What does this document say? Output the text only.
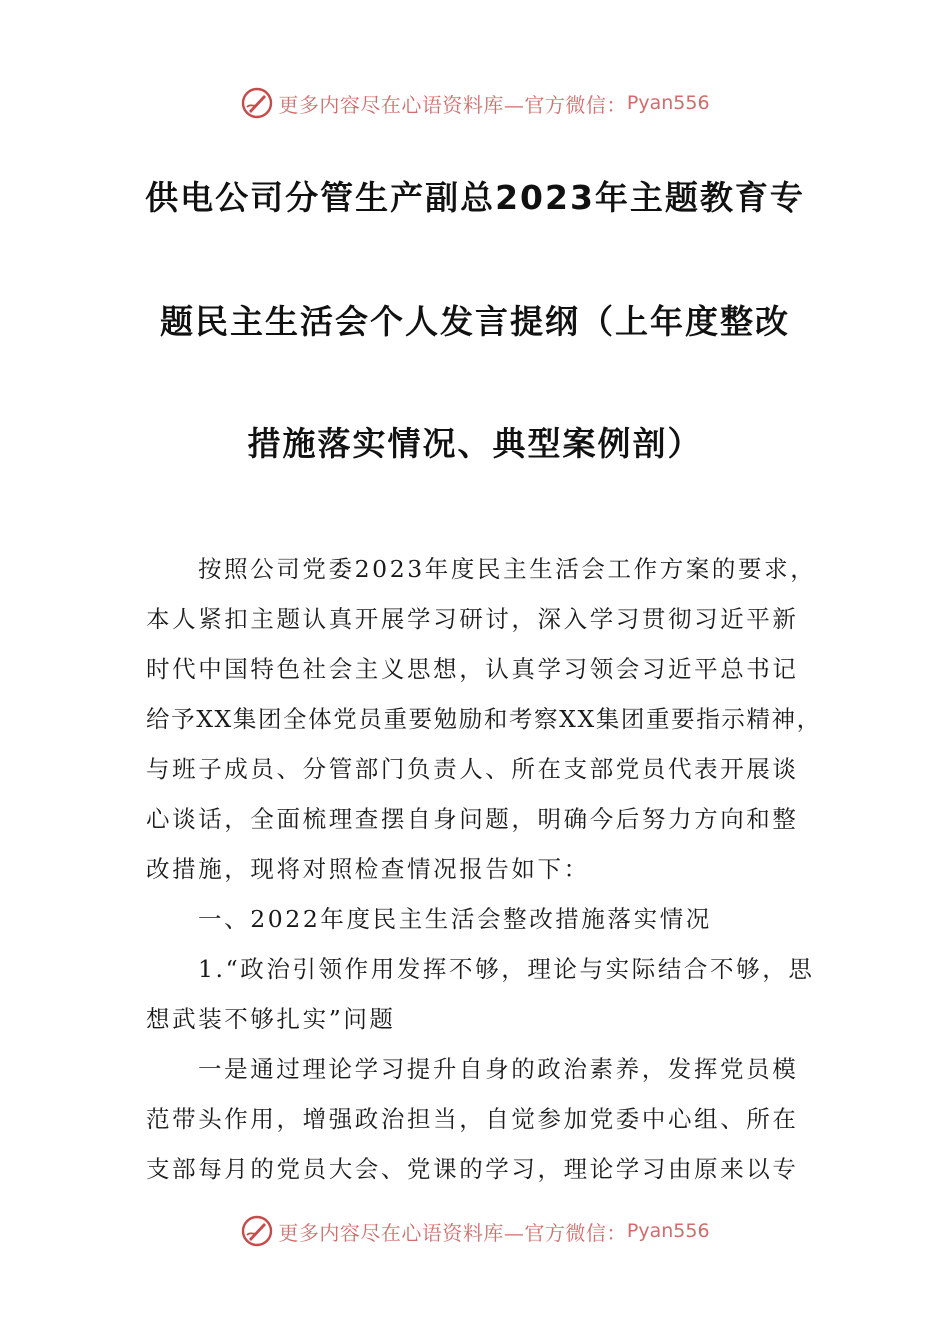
更多内容尽在心语资料库—官方微信： Pyan556
供电公司分管生产副总2023年主题教育专
题民主生活会个人发言提纲（上年度整改
措施落实情况、典型案例剖）

按照公司党委2023年度民主生活会工作方案的要求，

本人紧扣主题认真开展学习研讨，深入学习贯彻习近平新

时代中国特色社会主义思想，认真学习领会习近平总书记

给予XX集团全体党员重要勉励和考察XX集团重要指示精神，

与班子成员、分管部门负责人、所在支部党员代表开展谈

心谈话，全面梳理查摆自身问题，明确今后努力方向和整

改措施，现将对照检查情况报告如下：

一、2022年度民主生活会整改措施落实情况

1.“政治引领作用发挥不够，理论与实际结合不够，思

想武装不够扎实”问题

一是通过理论学习提升自身的政治素养，发挥党员模

范带头作用，增强政治担当，自觉参加党委中心组、所在

支部每月的党员大会、党课的学习，理论学习由原来以专

更多内容尽在心语资料库—官方微信： Pyan556
